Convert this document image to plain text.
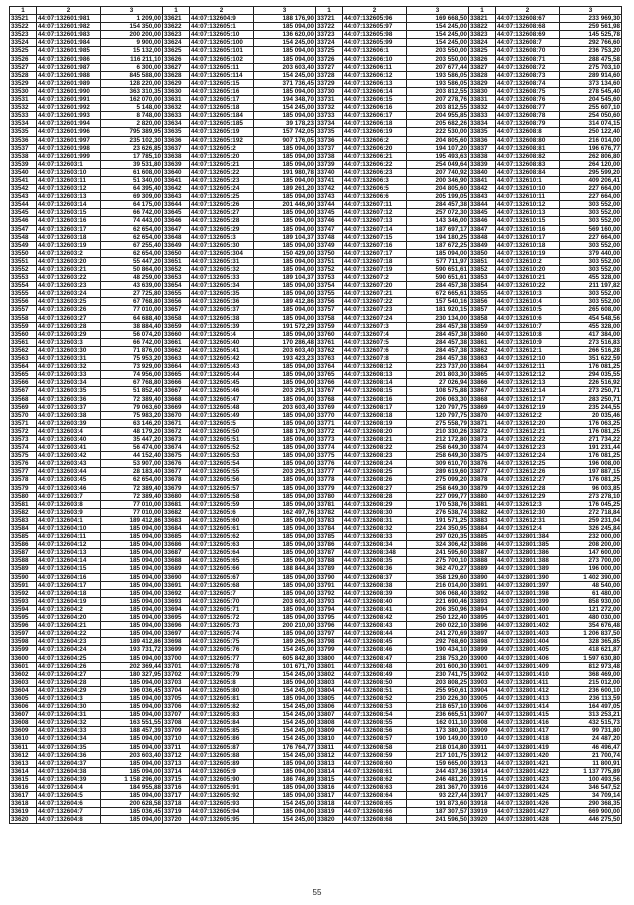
1	2	3
33521	44:07:132601:981	1 209,00
33522	44:07:132601:982	154 350,00
33523	44:07:132601:983	200 200,00
33524	44:07:132601:984	9 900,00
33525	44:07:132601:985	15 132,00
33526	44:07:132601:986	116 211,10
33527	44:07:132601:987	6 300,00
33528	44:07:132601:988	845 588,00
33529	44:07:132601:989	128 220,00
33530	44:07:132601:990	363 310,35
33531	44:07:132601:991	162 070,00
33532	44:07:132601:992	5 148,00
33533	44:07:132601:993	8 748,00
33534	44:07:132601:994	2 820,00
33535	44:07:132601:996	795 389,95
33536	44:07:132601:997	235 102,30
33537	44:07:132601:998	23 626,85
33538	44:07:132601:999	17 785,10
33539	44:07:132603:1	39 531,80
33540	44:07:132603:10	61 608,00
33541	44:07:132603:11	51 340,00
33542	44:07:132603:12	64 395,40
33543	44:07:132603:13	69 309,00
33544	44:07:132603:14	64 175,00
33545	44:07:132603:15	66 742,00
33546	44:07:132603:16	74 443,00
33547	44:07:132603:17	62 654,00
33548	44:07:132603:18	62 654,00
33549	44:07:132603:19	67 255,40
33550	44:07:132603:2	62 654,00
33551	44:07:132603:20	55 447,20
33552	44:07:132603:21	50 864,00
33553	44:07:132603:22	48 259,00
33554	44:07:132603:23	43 639,00
33555	44:07:132603:24	27 725,80
33556	44:07:132603:25	67 768,80
33557	44:07:132603:26	77 010,00
33558	44:07:132603:27	64 688,40
33559	44:07:132603:28	38 884,40
33560	44:07:132603:29	56 074,20
33561	44:07:132603:3	66 742,00
33562	44:07:132603:30	71 876,00
33563	44:07:132603:31	75 953,20
33564	44:07:132603:32	73 929,00
33565	44:07:132603:33	74 956,00
33566	44:07:132603:34	67 768,80
33567	44:07:132603:35	51 852,40
33568	44:07:132603:36	72 389,40
33569	44:07:132603:37	79 063,60
33570	44:07:132603:38	75 983,20
33571	44:07:132603:39	63 146,20
33572	44:07:132603:4	48 179,20
33573	44:07:132603:40	35 447,20
33574	44:07:132603:41	56 474,00
33575	44:07:132603:42	44 152,40
33576	44:07:132603:43	53 907,00
33577	44:07:132603:44	28 183,40
33578	44:07:132603:45	62 654,00
33579	44:07:132603:46	72 389,40
33580	44:07:132603:7	72 389,40
33581	44:07:132603:8	77 010,00
33582	44:07:132603:9	77 010,00
33583	44:07:132604:1	189 412,86
33584	44:07:132604:10	185 094,00
33585	44:07:132604:11	185 094,00
33586	44:07:132604:12	185 094,00
33587	44:07:132604:13	185 094,00
33588	44:07:132604:14	185 094,00
33589	44:07:132604:15	185 094,00
33590	44:07:132604:16	185 094,00
33591	44:07:132604:17	185 094,00
33592	44:07:132604:18	185 094,00
33593	44:07:132604:19	185 094,00
33594	44:07:132604:2	185 094,00
33595	44:07:132604:20	185 094,00
33596	44:07:132604:21	185 094,00
33597	44:07:132604:22	185 094,00
33598	44:07:132604:23	189 412,86
33599	44:07:132604:24	193 731,72
33600	44:07:132604:25	185 094,00
33601	44:07:132604:26	202 369,44
33602	44:07:132604:27	180 327,95
33603	44:07:132604:28	185 094,00
33604	44:07:132604:29	196 036,45
33605	44:07:132604:3	185 094,00
33606	44:07:132604:30	185 094,00
33607	44:07:132604:31	185 094,00
33608	44:07:132604:32	163 551,55
33609	44:07:132604:33	188 457,39
33610	44:07:132604:34	185 094,00
33611	44:07:132604:35	185 094,00
33612	44:07:132604:36	203 603,40
33613	44:07:132604:37	185 094,00
33614	44:07:132604:38	185 094,00
33615	44:07:132604:39	1 158 296,00
33616	44:07:132604:4	184 955,88
33617	44:07:132604:5	185 094,00
33618	44:07:132604:6	200 628,58
33619	44:07:132604:7	185 036,45
33620	44:07:132604:8	185 094,00
1	2	3
33621	44:07:132604:9	188 176,90
33622	44:07:132605:1	185 094,00
33623	44:07:132605:10	136 620,00
33624	44:07:132605:100	154 245,00
33625	44:07:132605:101	185 094,00
33626	44:07:132605:102	185 094,00
33627	44:07:132605:11	203 603,40
33628	44:07:132605:114	154 245,00
33629	44:07:132605:15	371 736,45
33630	44:07:132605:16	185 094,00
33631	44:07:132605:17	194 348,70
33632	44:07:132605:18	154 245,00
33633	44:07:132605:184	185 094,00
33634	44:07:132605:185	39 178,23
33635	44:07:132605:19	157 742,05
33636	44:07:132605:192	907 176,05
33637	44:07:132605:2	185 094,00
33638	44:07:132605:20	185 094,00
33639	44:07:132605:21	185 094,00
33640	44:07:132605:22	191 980,78
33641	44:07:132605:23	185 094,00
33642	44:07:132605:24	189 261,20
33643	44:07:132605:25	185 094,00
33644	44:07:132605:26	201 446,90
33645	44:07:132605:27	185 094,00
33646	44:07:132605:28	185 094,00
33647	44:07:132605:29	185 094,00
33648	44:07:132605:3	189 104,37
33649	44:07:132605:30	185 094,00
33650	44:07:132605:304	150 429,00
33651	44:07:132605:31	185 094,00
33652	44:07:132605:32	185 094,00
33653	44:07:132605:33	189 104,37
33654	44:07:132605:34	185 094,00
33655	44:07:132605:35	185 094,00
33656	44:07:132605:36	189 412,86
33657	44:07:132605:37	185 094,00
33658	44:07:132605:38	185 094,00
33659	44:07:132605:39	191 572,29
33660	44:07:132605:4	185 094,00
33661	44:07:132605:40	170 286,48
33662	44:07:132605:41	203 603,40
33663	44:07:132605:42	193 423,23
33664	44:07:132605:43	185 094,00
33665	44:07:132605:44	185 094,00
33666	44:07:132605:45	185 094,00
33667	44:07:132605:46	203 295,91
33668	44:07:132605:47	185 094,00
33669	44:07:132605:48	203 603,40
33670	44:07:132605:49	185 094,00
33671	44:07:132605:5	185 094,00
33672	44:07:132605:50	188 176,90
33673	44:07:132605:51	185 094,00
33674	44:07:132605:52	185 094,00
33675	44:07:132605:53	185 094,00
33676	44:07:132605:54	185 094,00
33677	44:07:132605:55	203 295,91
33678	44:07:132605:56	185 094,00
33679	44:07:132605:57	185 094,00
33680	44:07:132605:58	185 094,00
33681	44:07:132605:59	185 094,00
33682	44:07:132605:6	162 497,76
33683	44:07:132605:60	185 094,00
33684	44:07:132605:61	185 094,00
33685	44:07:132605:62	185 094,00
33686	44:07:132605:63	185 094,00
33687	44:07:132605:64	185 094,00
33688	44:07:132605:65	185 094,00
33689	44:07:132605:66	188 844,84
33690	44:07:132605:67	185 094,00
33691	44:07:132605:68	185 094,00
33692	44:07:132605:7	185 094,00
33693	44:07:132605:70	203 603,40
33694	44:07:132605:71	185 094,00
33695	44:07:132605:72	185 094,00
33696	44:07:132605:73	200 210,00
33697	44:07:132605:74	185 094,00
33698	44:07:132605:75	189 265,96
33699	44:07:132605:76	154 245,00
33700	44:07:132605:77	605 842,80
33701	44:07:132605:78	101 671,70
33702	44:07:132605:79	154 245,00
33703	44:07:132605:8	185 094,00
33704	44:07:132605:80	154 245,00
33705	44:07:132605:81	185 094,00
33706	44:07:132605:82	154 245,00
33707	44:07:132605:83	154 245,00
33708	44:07:132605:84	154 245,00
33709	44:07:132605:85	154 245,00
33710	44:07:132605:86	154 245,00
33711	44:07:132605:87	176 764,77
33712	44:07:132605:88	154 245,00
33713	44:07:132605:89	185 094,00
33714	44:07:132605:9	185 094,00
33715	44:07:132605:90	186 746,89
33716	44:07:132605:91	185 094,00
33717	44:07:132605:92	185 094,00
33718	44:07:132605:93	154 245,00
33719	44:07:132605:94	185 094,00
33720	44:07:132605:95	154 245,00
1	2	3
33721	44:07:132605:96	169 668,50
33722	44:07:132605:97	154 245,00
33723	44:07:132605:98	154 245,00
33724	44:07:132605:99	154 245,00
33725	44:07:132606:1	203 550,00
33726	44:07:132606:10	203 550,00
33727	44:07:132606:11	207 677,44
33728	44:07:132606:12	193 586,05
33729	44:07:132606:13	193 586,05
33730	44:07:132606:14	203 812,55
33731	44:07:132606:15	207 278,76
33732	44:07:132606:16	203 812,55
33733	44:07:132606:17	204 955,85
33734	44:07:132606:18	205 682,26
33735	44:07:132606:19	222 530,00
33736	44:07:132606:2	204 805,60
33737	44:07:132606:20	194 107,20
33738	44:07:132606:21	195 493,63
33739	44:07:132606:22	254 049,64
33740	44:07:132606:23	207 740,92
33741	44:07:132606:3	200 346,90
33742	44:07:132606:5	204 805,60
33743	44:07:132606:6	205 199,05
33744	44:07:132607:11	284 457,38
33745	44:07:132607:12	257 072,30
33746	44:07:132607:13	143 346,00
33747	44:07:132607:14	187 697,17
33748	44:07:132607:15	194 180,25
33749	44:07:132607:16	187 672,25
33750	44:07:132607:17	185 094,00
33751	44:07:132607:18	577 711,97
33752	44:07:132607:19	590 651,61
33753	44:07:132607:2	590 651,61
33754	44:07:132607:20	284 457,38
33755	44:07:132607:21	672 665,61
33756	44:07:132607:22	157 540,16
33757	44:07:132607:23	181 920,15
33758	44:07:132607:24	230 134,00
33759	44:07:132607:3	284 457,38
33760	44:07:132607:4	284 457,38
33761	44:07:132607:5	284 457,38
33762	44:07:132607:6	284 457,38
33763	44:07:132607:8	284 457,38
33764	44:07:132608:12	223 737,00
33765	44:07:132608:13	201 803,30
33766	44:07:132608:14	27 026,94
33767	44:07:132608:15	108 575,88
33768	44:07:132608:16	206 063,30
33769	44:07:132608:17	120 797,75
33770	44:07:132608:18	120 797,75
33771	44:07:132608:19	275 558,79
33772	44:07:132608:20	210 330,26
33773	44:07:132608:21	212 172,80
33774	44:07:132608:22	258 649,30
33775	44:07:132608:23	258 649,30
33776	44:07:132608:24	309 610,70
33777	44:07:132608:25	289 619,60
33778	44:07:132608:26	275 099,20
33779	44:07:132608:27	258 649,30
33780	44:07:132608:28	227 099,77
33781	44:07:132608:29	170 538,76
33782	44:07:132608:30	276 538,74
33783	44:07:132608:31	191 571,25
33784	44:07:132608:32	224 350,95
33785	44:07:132608:33	297 020,35
33786	44:07:132608:34	324 306,42
33787	44:07:132608:348	241 595,60
33788	44:07:132608:35	275 700,10
33789	44:07:132608:36	362 470,27
33790	44:07:132608:37	358 129,60
33791	44:07:132608:38	216 014,00
33792	44:07:132608:39	306 068,40
33793	44:07:132608:40	221 690,46
33794	44:07:132608:41	206 350,96
33795	44:07:132608:42	250 122,40
33796	44:07:132608:43	260 022,10
33797	44:07:132608:44	241 270,69
33798	44:07:132608:45	292 768,60
33799	44:07:132608:46	190 434,10
33800	44:07:132608:47	238 753,20
33801	44:07:132608:48	201 600,30
33802	44:07:132608:49	230 741,75
33803	44:07:132608:50	203 808,25
33804	44:07:132608:51	255 950,61
33805	44:07:132608:52	230 226,30
33806	44:07:132608:53	218 657,10
33807	44:07:132608:54	236 665,51
33808	44:07:132608:55	162 011,10
33809	44:07:132608:56	173 380,30
33810	44:07:132608:57	190 149,00
33811	44:07:132608:58	218 014,80
33812	44:07:132608:59	217 101,75
33813	44:07:132608:60	159 665,00
33814	44:07:132608:61	244 437,36
33815	44:07:132608:62	246 481,20
33816	44:07:132608:63	281 367,70
33817	44:07:132608:64	93 227,44
33818	44:07:132608:65	191 873,60
33819	44:07:132608:66	187 307,57
33820	44:07:132608:68	241 596,50
1	2	3
33821	44:07:132608:67	233 969,30
33822	44:07:132608:68	259 561,98
33823	44:07:132608:69	145 525,78
33824	44:07:132608:7	292 766,60
33825	44:07:132608:70	236 753,20
33826	44:07:132608:71	288 475,58
33827	44:07:132608:72	275 703,10
33828	44:07:132608:73	289 914,60
33829	44:07:132608:74	373 134,60
33830	44:07:132608:75	278 545,40
33831	44:07:132608:76	204 545,60
33832	44:07:132608:77	255 607,10
33833	44:07:132608:78	254 050,60
33834	44:07:132608:79	314 074,15
33835	44:07:132608:8	250 122,40
33836	44:07:132608:80	216 014,00
33837	44:07:132608:81	196 676,77
33838	44:07:132608:82	262 806,80
33839	44:07:132608:83	264 120,00
33840	44:07:132608:84	295 599,20
33841	44:07:132610:1	409 206,41
33842	44:07:132610:10	227 664,00
33843	44:07:132610:11	227 664,00
33844	44:07:132610:12	303 552,00
33845	44:07:132610:13	303 552,00
33846	44:07:132610:15	303 552,00
33847	44:07:132610:16	569 160,00
33848	44:07:132610:17	227 664,00
33849	44:07:132610:18	303 552,00
33850	44:07:132610:19	379 440,00
33851	44:07:132610:2	303 552,00
33852	44:07:132610:20	303 552,00
33853	44:07:132610:21	455 328,00
33854	44:07:132610:22	211 197,82
33855	44:07:132610:3	303 552,00
33856	44:07:132610:4	303 552,00
33857	44:07:132610:5	265 608,00
33858	44:07:132610:6	454 548,56
33859	44:07:132610:7	455 328,00
33860	44:07:132610:8	417 384,00
33861	44:07:132610:9	273 516,83
33862	44:07:132612:1	266 516,28
33863	44:07:132612:10	351 622,59
33864	44:07:132612:11	176 081,25
33865	44:07:132612:12	294 035,55
33866	44:07:132612:13	226 516,92
33867	44:07:132612:14	273 250,71
33868	44:07:132612:17	283 250,71
33869	44:07:132612:19	235 244,55
33870	44:07:132612:2	20 035,46
33871	44:07:132612:20	176 063,25
33872	44:07:132612:21	176 081,25
33873	44:07:132612:22	271 734,22
33874	44:07:132612:23	191 231,44
33875	44:07:132612:24	176 081,25
33876	44:07:132612:25	196 008,00
33877	44:07:132612:26	197 887,15
33878	44:07:132612:27	176 081,25
33879	44:07:132612:28	96 003,85
33880	44:07:132612:29	273 278,10
33881	44:07:132612:3	176 045,25
33882	44:07:132612:30	272 718,84
33883	44:07:132612:31	259 231,04
33884	44:07:132612:4	326 245,84
33885	44:07:132801:384	232 000,00
33886	44:07:132801:385	208 200,00
33887	44:07:132801:386	147 600,00
33888	44:07:132801:388	273 700,00
33889	44:07:132801:389	196 000,00
33890	44:07:132801:390	1 402 390,00
33891	44:07:132801:397	48 540,00
33892	44:07:132801:398	61 480,00
33893	44:07:132801:399	858 930,00
33894	44:07:132801:400	121 272,00
33895	44:07:132801:401	480 030,00
33896	44:07:132801:402	354 676,48
33897	44:07:132801:403	1 206 837,50
33898	44:07:132801:404	328 365,85
33899	44:07:132801:405	418 621,87
33900	44:07:132801:406	1 597 630,80
33901	44:07:132801:409	812 973,48
33902	44:07:132801:410	368 469,00
33903	44:07:132801:411	215 012,00
33904	44:07:132801:412	236 600,10
33905	44:07:132801:413	236 113,59
33906	44:07:132801:414	164 497,05
33907	44:07:132801:415	313 253,21
33908	44:07:132801:416	432 515,73
33909	44:07:132801:417	99 731,80
33910	44:07:132801:418	24 487,20
33911	44:07:132801:419	46 496,47
33912	44:07:132801:420	21 700,74
33913	44:07:132801:421	11 800,91
33914	44:07:132801:422	1 137 775,89
33915	44:07:132801:423	100 493,56
33916	44:07:132801:424	346 547,52
33917	44:07:132801:425	34 709,14
33918	44:07:132801:426	290 368,35
33919	44:07:132801:427	669 900,00
33920	44:07:132801:428	446 275,50
55
